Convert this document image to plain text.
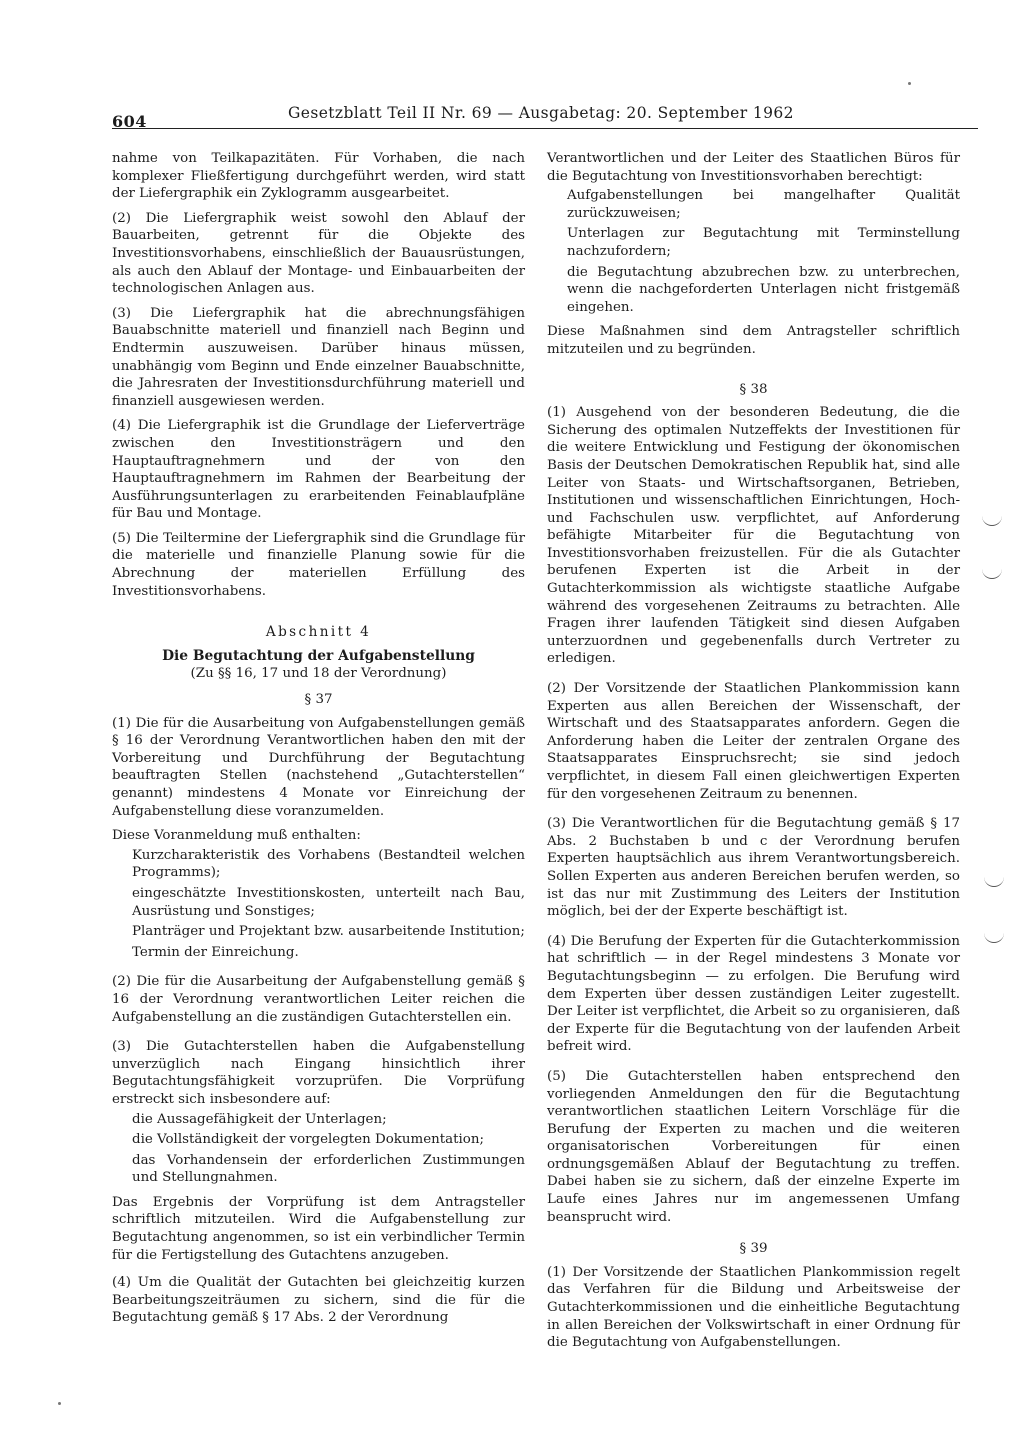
604	Gesetzblatt Teil II Nr. 69 — Ausgabetag: 20. September 1962

nahme von Teilkapazitäten. Für Vorhaben, die nach komplexer Fließfertigung durchgeführt werden, wird statt der Liefergraphik ein Zyklogramm ausgearbeitet.

(2) Die Liefergraphik weist sowohl den Ablauf der Bauarbeiten, getrennt für die Objekte des Investitionsvorhabens, einschließlich der Bauausrüstungen, als auch den Ablauf der Montage- und Einbauarbeiten der technologischen Anlagen aus.

(3) Die Liefergraphik hat die abrechnungsfähigen Bauabschnitte materiell und finanziell nach Beginn und Endtermin auszuweisen. Darüber hinaus müssen, unabhängig vom Beginn und Ende einzelner Bauabschnitte, die Jahresraten der Investitionsdurchführung materiell und finanziell ausgewiesen werden.

(4) Die Liefergraphik ist die Grundlage der Lieferverträge zwischen den Investitionsträgern und den Hauptauftragnehmern und der von den Hauptauftragnehmern im Rahmen der Bearbeitung der Ausführungsunterlagen zu erarbeitenden Feinablaufpläne für Bau und Montage.

(5) Die Teiltermine der Liefergraphik sind die Grundlage für die materielle und finanzielle Planung sowie für die Abrechnung der materiellen Erfüllung des Investitionsvorhabens.

Abschnitt 4

Die Begutachtung der Aufgabenstellung

(Zu §§ 16, 17 und 18 der Verordnung)

§ 37

(1) Die für die Ausarbeitung von Aufgabenstellungen gemäß § 16 der Verordnung Verantwortlichen haben den mit der Vorbereitung und Durchführung der Begutachtung beauftragten Stellen (nachstehend „Gutachterstellen“ genannt) mindestens 4 Monate vor Einreichung der Aufgabenstellung diese voranzumelden.

Diese Voranmeldung muß enthalten:

Kurzcharakteristik des Vorhabens (Bestandteil welchen Programms);

eingeschätzte Investitionskosten, unterteilt nach Bau, Ausrüstung und Sonstiges;

Planträger und Projektant bzw. ausarbeitende Institution;

Termin der Einreichung.

(2) Die für die Ausarbeitung der Aufgabenstellung gemäß § 16 der Verordnung verantwortlichen Leiter reichen die Aufgabenstellung an die zuständigen Gutachterstellen ein.

(3) Die Gutachterstellen haben die Aufgabenstellung unverzüglich nach Eingang hinsichtlich ihrer Begutachtungsfähigkeit vorzuprüfen. Die Vorprüfung erstreckt sich insbesondere auf:

die Aussagefähigkeit der Unterlagen;

die Vollständigkeit der vorgelegten Dokumentation;

das Vorhandensein der erforderlichen Zustimmungen und Stellungnahmen.

Das Ergebnis der Vorprüfung ist dem Antragsteller schriftlich mitzuteilen. Wird die Aufgabenstellung zur Begutachtung angenommen, so ist ein verbindlicher Termin für die Fertigstellung des Gutachtens anzugeben.

(4) Um die Qualität der Gutachten bei gleichzeitig kurzen Bearbeitungszeiträumen zu sichern, sind die für die Begutachtung gemäß § 17 Abs. 2 der Verordnung

Verantwortlichen und der Leiter des Staatlichen Büros für die Begutachtung von Investitionsvorhaben berechtigt:

Aufgabenstellungen bei mangelhafter Qualität zurückzuweisen;

Unterlagen zur Begutachtung mit Terminstellung nachzufordern;

die Begutachtung abzubrechen bzw. zu unterbrechen, wenn die nachgeforderten Unterlagen nicht fristgemäß eingehen.

Diese Maßnahmen sind dem Antragsteller schriftlich mitzuteilen und zu begründen.

§ 38

(1) Ausgehend von der besonderen Bedeutung, die die Sicherung des optimalen Nutzeffekts der Investitionen für die weitere Entwicklung und Festigung der ökonomischen Basis der Deutschen Demokratischen Republik hat, sind alle Leiter von Staats- und Wirtschaftsorganen, Betrieben, Institutionen und wissenschaftlichen Einrichtungen, Hoch- und Fachschulen usw. verpflichtet, auf Anforderung befähigte Mitarbeiter für die Begutachtung von Investitionsvorhaben freizustellen. Für die als Gutachter berufenen Experten ist die Arbeit in der Gutachterkommission als wichtigste staatliche Aufgabe während des vorgesehenen Zeitraums zu betrachten. Alle Fragen ihrer laufenden Tätigkeit sind diesen Aufgaben unterzuordnen und gegebenenfalls durch Vertreter zu erledigen.

(2) Der Vorsitzende der Staatlichen Plankommission kann Experten aus allen Bereichen der Wissenschaft, der Wirtschaft und des Staatsapparates anfordern. Gegen die Anforderung haben die Leiter der zentralen Organe des Staatsapparates Einspruchsrecht; sie sind jedoch verpflichtet, in diesem Fall einen gleichwertigen Experten für den vorgesehenen Zeitraum zu benennen.

(3) Die Verantwortlichen für die Begutachtung gemäß § 17 Abs. 2 Buchstaben b und c der Verordnung berufen Experten hauptsächlich aus ihrem Verantwortungsbereich. Sollen Experten aus anderen Bereichen berufen werden, so ist das nur mit Zustimmung des Leiters der Institution möglich, bei der der Experte beschäftigt ist.

(4) Die Berufung der Experten für die Gutachterkommission hat schriftlich — in der Regel mindestens 3 Monate vor Begutachtungsbeginn — zu erfolgen. Die Berufung wird dem Experten über dessen zuständigen Leiter zugestellt. Der Leiter ist verpflichtet, die Arbeit so zu organisieren, daß der Experte für die Begutachtung von der laufenden Arbeit befreit wird.

(5) Die Gutachterstellen haben entsprechend den vorliegenden Anmeldungen den für die Begutachtung verantwortlichen staatlichen Leitern Vorschläge für die Berufung der Experten zu machen und die weiteren organisatorischen Vorbereitungen für einen ordnungsgemäßen Ablauf der Begutachtung zu treffen. Dabei haben sie zu sichern, daß der einzelne Experte im Laufe eines Jahres nur im angemessenen Umfang beansprucht wird.

§ 39

(1) Der Vorsitzende der Staatlichen Plankommission regelt das Verfahren für die Bildung und Arbeitsweise der Gutachterkommissionen und die einheitliche Begutachtung in allen Bereichen der Volkswirtschaft in einer Ordnung für die Begutachtung von Aufgabenstellungen.
